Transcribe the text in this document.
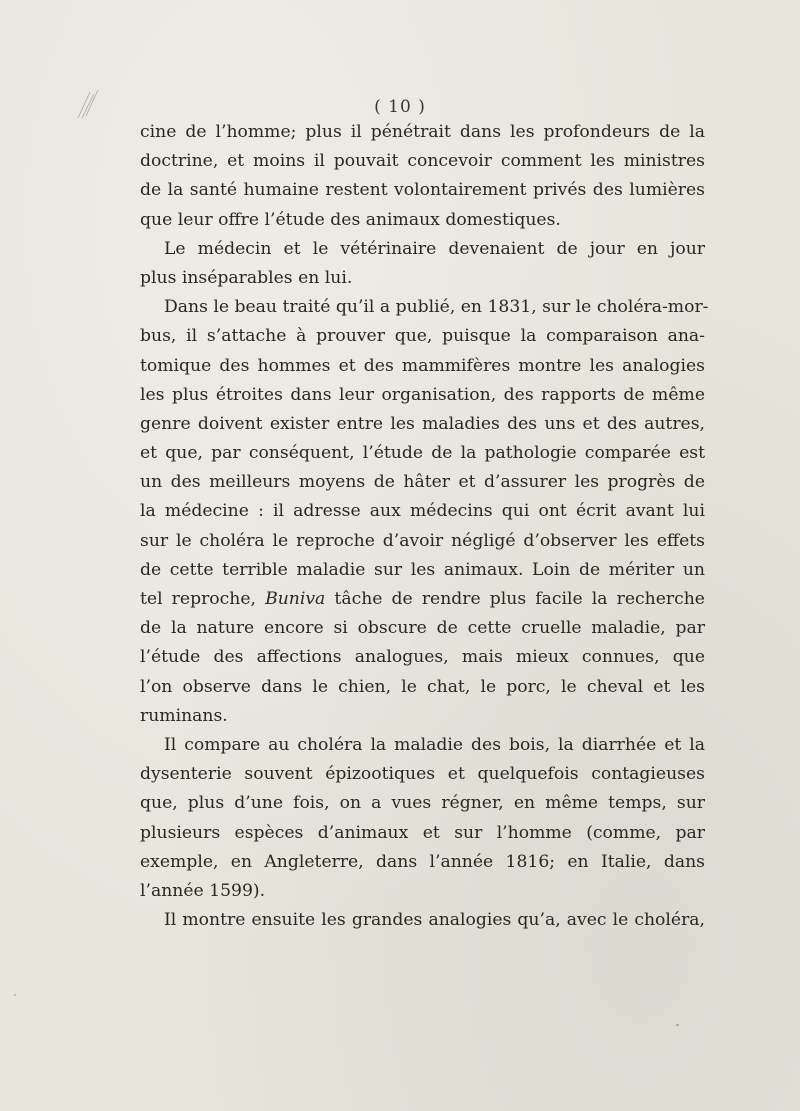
( 10 )
cine de l’homme; plus il pénétrait dans les profondeurs de la
doctrine, et moins il pouvait concevoir comment les ministres
de la santé humaine restent volontairement privés des lumières
que leur offre l’étude des animaux domestiques.
Le médecin et le vétérinaire devenaient de jour en jour
plus inséparables en lui.
Dans le beau traité qu’il a publié, en 1831, sur le choléra-mor-
bus, il s’attache à prouver que, puisque la comparaison ana-
tomique des hommes et des mammifères montre les analogies
les plus étroites dans leur organisation, des rapports de même
genre doivent exister entre les maladies des uns et des autres,
et que, par conséquent, l’étude de la pathologie comparée est
un des meilleurs moyens de hâter et d’assurer les progrès de
la médecine : il adresse aux médecins qui ont écrit avant lui
sur le choléra le reproche d’avoir négligé d’observer les effets
de cette terrible maladie sur les animaux. Loin de mériter un
tel reproche, Buniva tâche de rendre plus facile la recherche
de la nature encore si obscure de cette cruelle maladie, par
l’étude des affections analogues, mais mieux connues, que
l’on observe dans le chien, le chat, le porc, le cheval et les
ruminans.
Il compare au choléra la maladie des bois, la diarrhée et la
dysenterie souvent épizootiques et quelquefois contagieuses
que, plus d’une fois, on a vues régner, en même temps, sur
plusieurs espèces d’animaux et sur l’homme (comme, par
exemple, en Angleterre, dans l’année 1816; en Italie, dans
l’année 1599).
Il montre ensuite les grandes analogies qu’a, avec le choléra,
